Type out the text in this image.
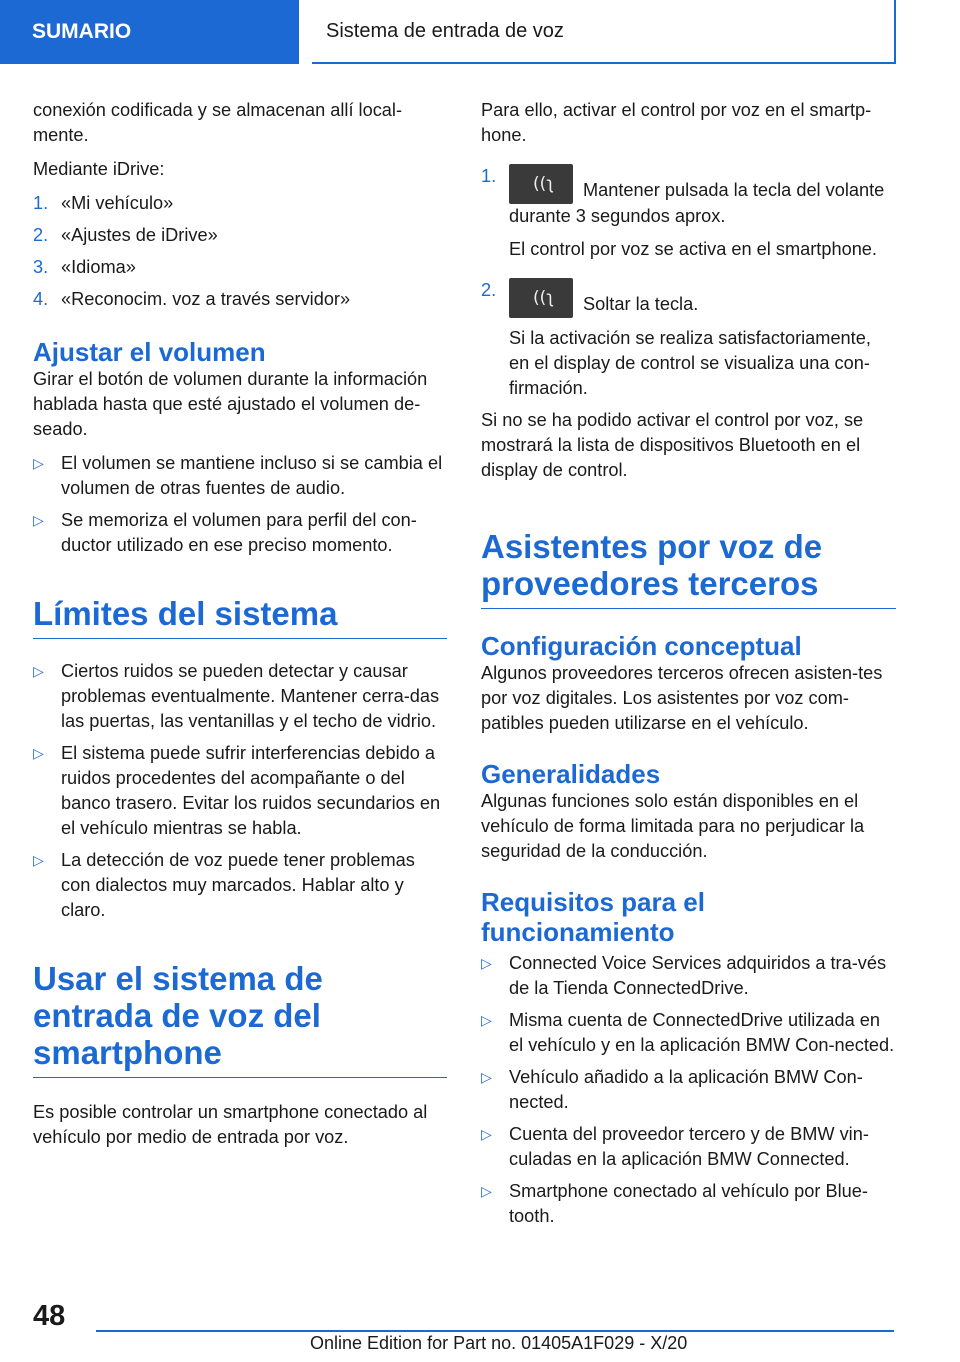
SUMARIO	Sistema de entrada de voz

conexión codificada y se almacenan allí local-mente.

Mediante iDrive:

1. «Mi vehículo»
2. «Ajustes de iDrive»
3. «Idioma»
4. «Reconocim. voz a través servidor»
Ajustar el volumen

Girar el botón de volumen durante la información hablada hasta que esté ajustado el volumen de-seado.

▷ El volumen se mantiene incluso si se cambia el volumen de otras fuentes de audio.
▷ Se memoriza el volumen para perfil del con-ductor utilizado en ese preciso momento.
Límites del sistema
▷ Ciertos ruidos se pueden detectar y causar problemas eventualmente. Mantener cerra-das las puertas, las ventanillas y el techo de vidrio.
▷ El sistema puede sufrir interferencias debido a ruidos procedentes del acompañante o del banco trasero. Evitar los ruidos secundarios en el vehículo mientras se habla.
▷ La detección de voz puede tener problemas con dialectos muy marcados. Hablar alto y claro.
Usar el sistema de entrada de voz del smartphone

Es posible controlar un smartphone conectado al vehículo por medio de entrada por voz.

Para ello, activar el control por voz en el smartp-hone.

1.	((ʅ Mantener pulsada la tecla del volante durante 3 segundos aprox.
El control por voz se activa en el smartphone.
2.	((ʅ Soltar la tecla.
Si la activación se realiza satisfactoriamente, en el display de control se visualiza una con-firmación.

Si no se ha podido activar el control por voz, se mostrará la lista de dispositivos Bluetooth en el display de control.

Asistentes por voz de proveedores terceros
Configuración conceptual

Algunos proveedores terceros ofrecen asisten-tes por voz digitales. Los asistentes por voz com-patibles pueden utilizarse en el vehículo.

Generalidades

Algunas funciones solo están disponibles en el vehículo de forma limitada para no perjudicar la seguridad de la conducción.

Requisitos para el funcionamiento
▷ Connected Voice Services adquiridos a tra-vés de la Tienda ConnectedDrive.
▷ Misma cuenta de ConnectedDrive utilizada en el vehículo y en la aplicación BMW Con-nected.
▷ Vehículo añadido a la aplicación BMW Con-nected.
▷ Cuenta del proveedor tercero y de BMW vin-culadas en la aplicación BMW Connected.
▷ Smartphone conectado al vehículo por Blue-tooth.
48
Online Edition for Part no. 01405A1F029 - X/20
